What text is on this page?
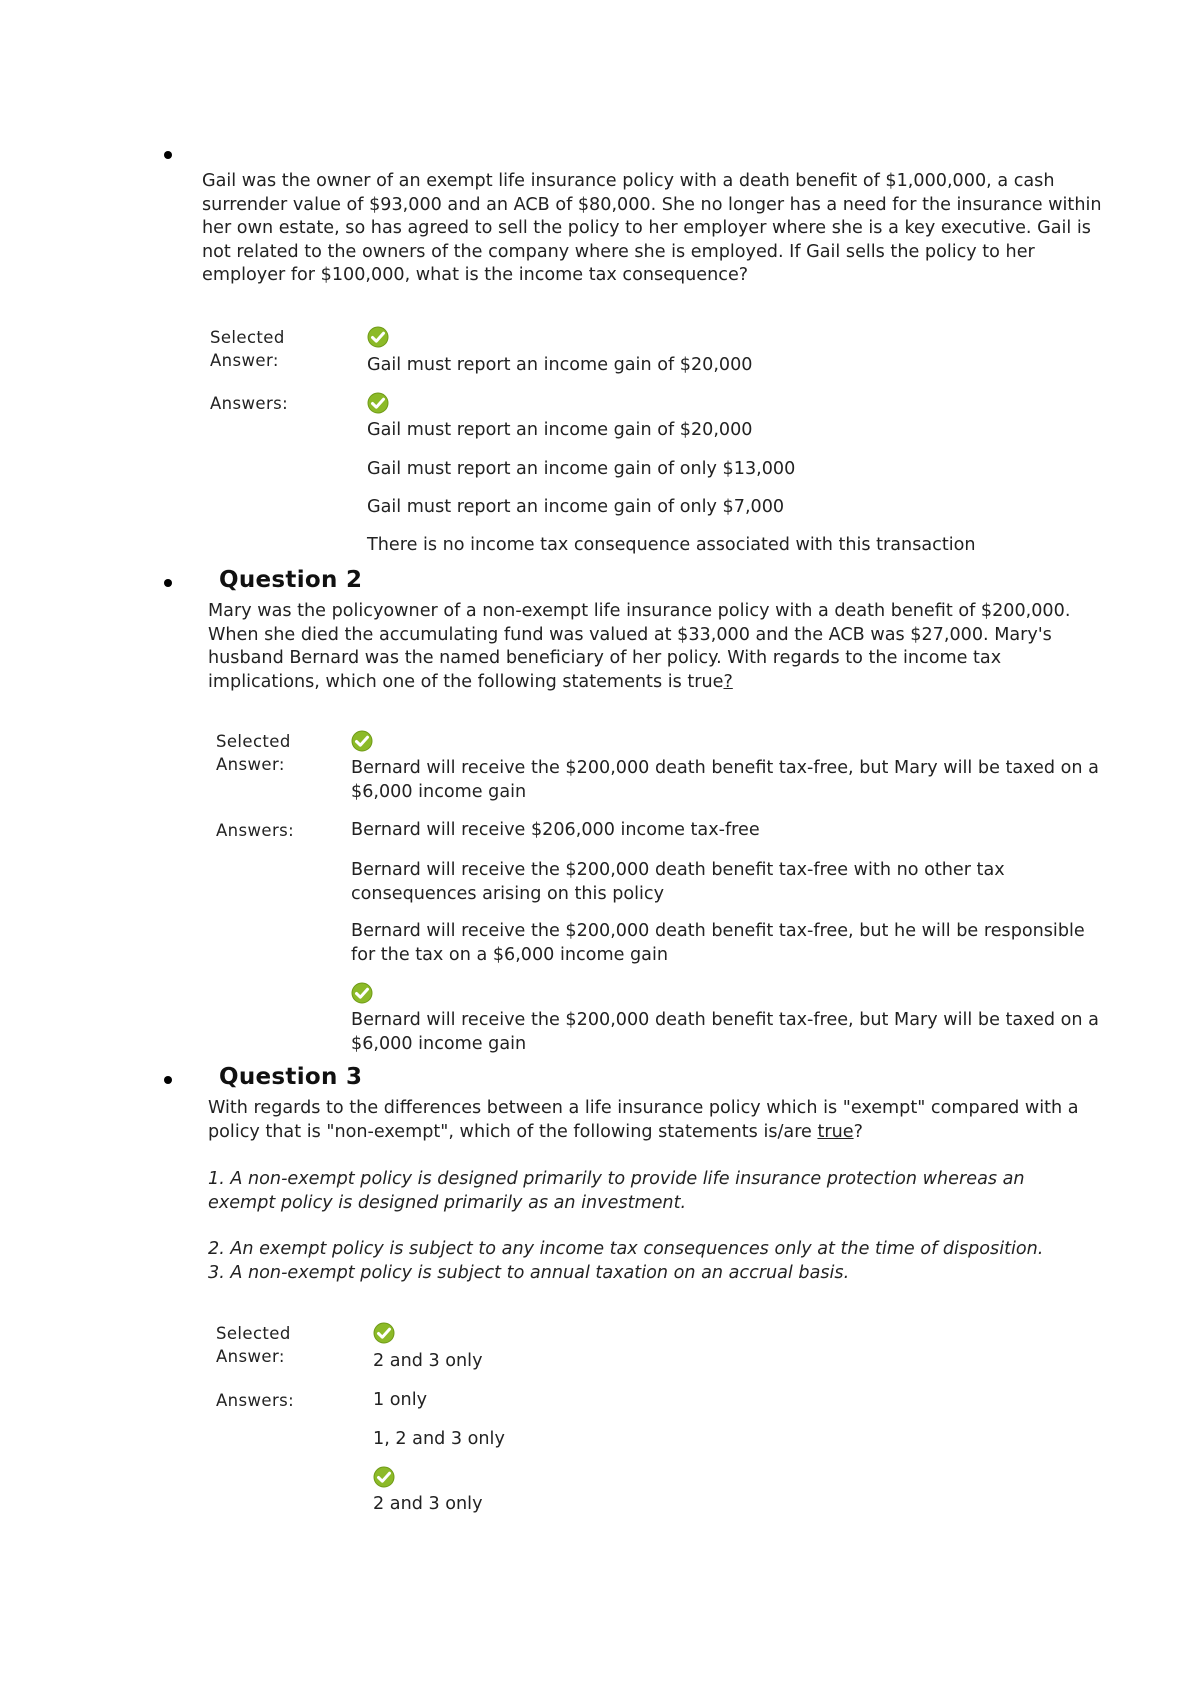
Gail was the owner of an exempt life insurance policy with a death benefit of $1,000,000, a cash surrender value of $93,000 and an ACB of $80,000. She no longer has a need for the insurance within her own estate, so has agreed to sell the policy to her employer where she is a key executive. Gail is not related to the owners of the company where she is employed. If Gail sells the policy to her employer for $100,000, what is the income tax consequence?
Selected
Answer:	Gail must report an income gain of $20,000
Answers:
Gail must report an income gain of $20,000
Gail must report an income gain of only $13,000
Gail must report an income gain of only $7,000
There is no income tax consequence associated with this transaction
Question 2
Mary was the policyowner of a non-exempt life insurance policy with a death benefit of $200,000. When she died the accumulating fund was valued at $33,000 and the ACB was $27,000. Mary's husband Bernard was the named beneficiary of her policy. With regards to the income tax implications, which one of the following statements is true?
Selected
Answer:	Bernard will receive the $200,000 death benefit tax-free, but Mary will be taxed on a $6,000 income gain
Answers:	Bernard will receive $206,000 income tax-free
Bernard will receive the $200,000 death benefit tax-free with no other tax consequences arising on this policy
Bernard will receive the $200,000 death benefit tax-free, but he will be responsible for the tax on a $6,000 income gain
Bernard will receive the $200,000 death benefit tax-free, but Mary will be taxed on a $6,000 income gain
Question 3
With regards to the differences between a life insurance policy which is "exempt" compared with a policy that is "non-exempt", which of the following statements is/are true?
1. A non-exempt policy is designed primarily to provide life insurance protection whereas an exempt policy is designed primarily as an investment.
2. An exempt policy is subject to any income tax consequences only at the time of disposition.
3. A non-exempt policy is subject to annual taxation on an accrual basis.
Selected
Answer:	2 and 3 only
Answers:	1 only
1, 2 and 3 only
2 and 3 only
